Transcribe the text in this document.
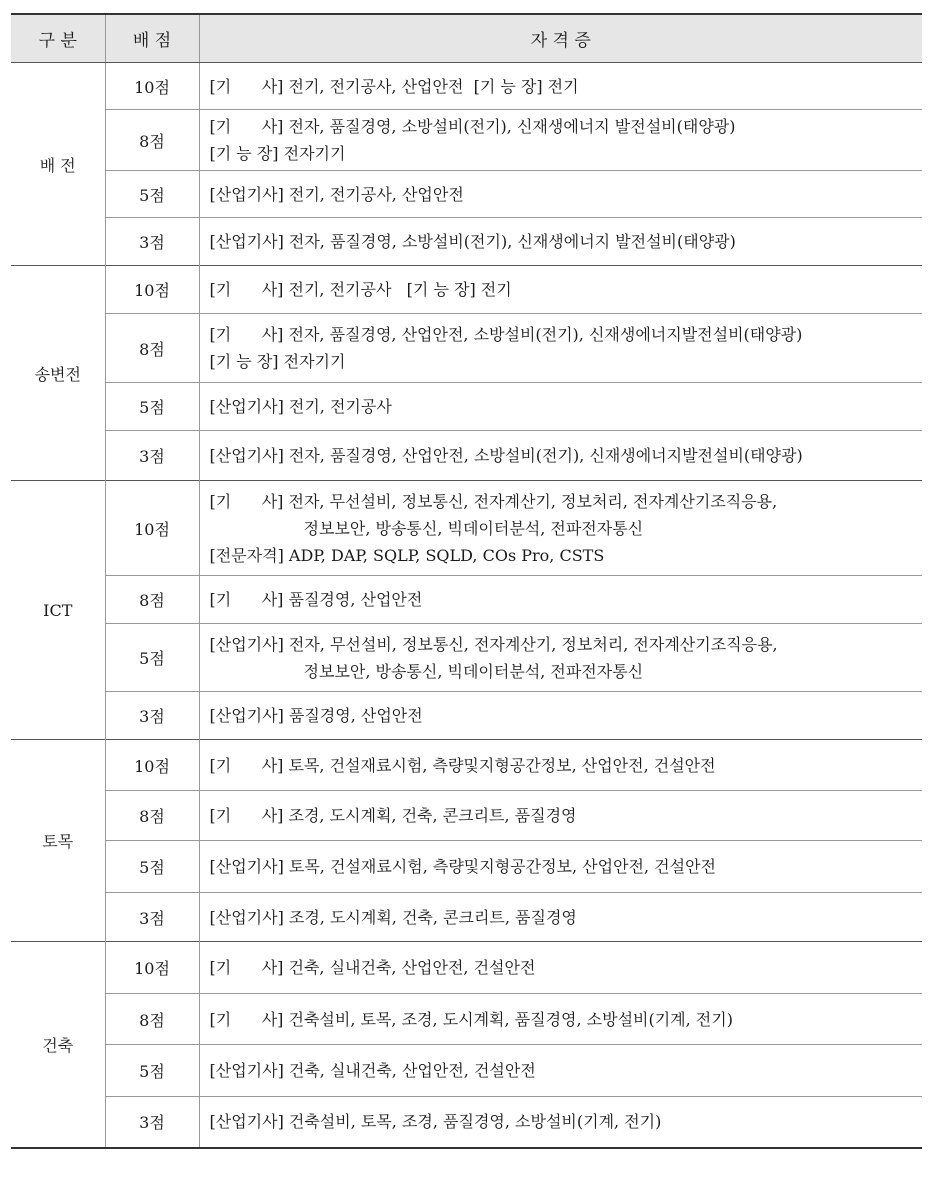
구 분	배 점	자 격 증
배 전	10점	[기      사] 전기, 전기공사, 산업안전  [기 능 장] 전기

	8점	[기      사] 전자, 품질경영, 소방설비(전기), 신재생에너지 발전설비(태양광)
[기 능 장] 전자기기

	5점	[산업기사] 전기, 전기공사, 산업안전

	3점	[산업기사] 전자, 품질경영, 소방설비(전기), 신재생에너지 발전설비(태양광)

송변전	10점	[기      사] 전기, 전기공사   [기 능 장] 전기

	8점	[기      사] 전자, 품질경영, 산업안전, 소방설비(전기), 신재생에너지발전설비(태양광)
[기 능 장] 전자기기

	5점	[산업기사] 전기, 전기공사

	3점	[산업기사] 전자, 품질경영, 산업안전, 소방설비(전기), 신재생에너지발전설비(태양광)

ICT	10점	[기      사] 전자, 무선설비, 정보통신, 전자계산기, 정보처리, 전자계산기조직응용,
정보보안, 방송통신, 빅데이터분석, 전파전자통신
[전문자격] ADP, DAP, SQLP, SQLD, COs Pro, CSTS

	8점	[기      사] 품질경영, 산업안전

	5점	[산업기사] 전자, 무선설비, 정보통신, 전자계산기, 정보처리, 전자계산기조직응용,
정보보안, 방송통신, 빅데이터분석, 전파전자통신

	3점	[산업기사] 품질경영, 산업안전

토목	10점	[기      사] 토목, 건설재료시험, 측량및지형공간정보, 산업안전, 건설안전

	8점	[기      사] 조경, 도시계획, 건축, 콘크리트, 품질경영

	5점	[산업기사] 토목, 건설재료시험, 측량및지형공간정보, 산업안전, 건설안전

	3점	[산업기사] 조경, 도시계획, 건축, 콘크리트, 품질경영

건축	10점	[기      사] 건축, 실내건축, 산업안전, 건설안전

	8점	[기      사] 건축설비, 토목, 조경, 도시계획, 품질경영, 소방설비(기계, 전기)

	5점	[산업기사] 건축, 실내건축, 산업안전, 건설안전

	3점	[산업기사] 건축설비, 토목, 조경, 품질경영, 소방설비(기계, 전기)
